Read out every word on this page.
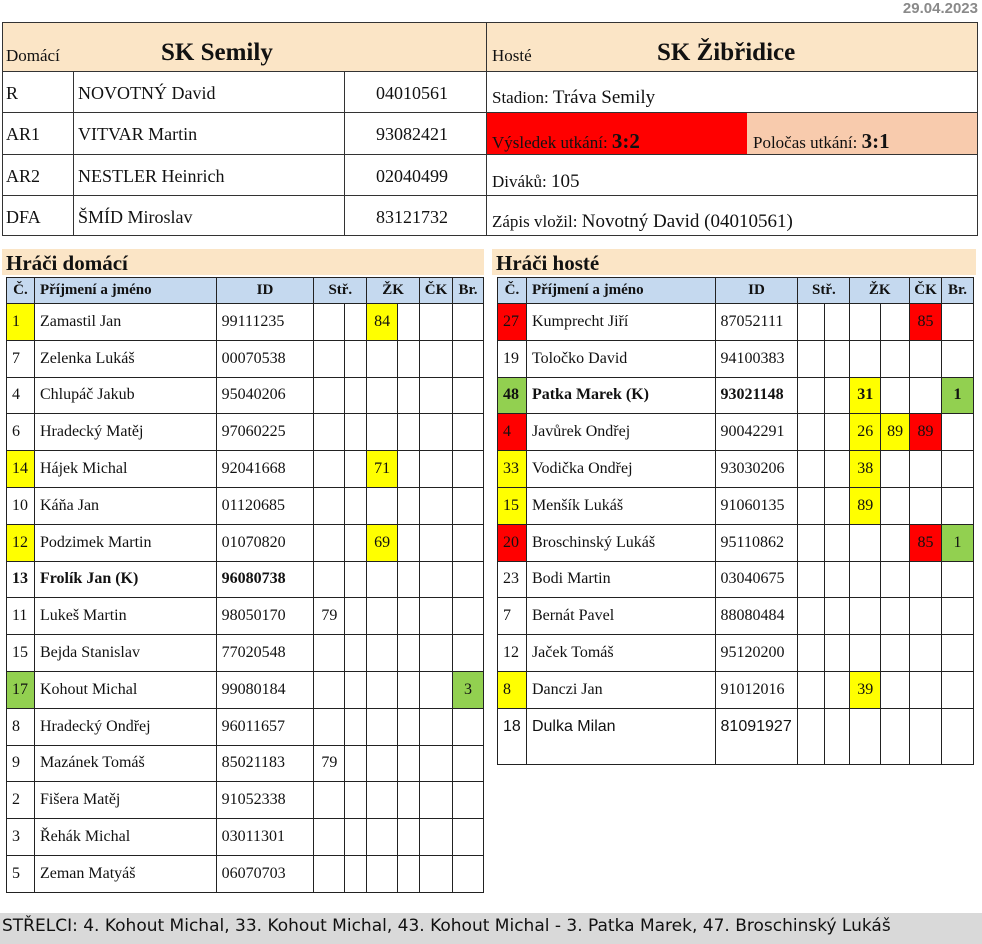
29.04.2023
Domácí	SK Semily	Hosté	SK Žibřidice
R	NOVOTNÝ David	04010561
AR1 VITVAR Martin	93082421
AR2 NESTLER Heinrich	02040499
DFA ŠMÍD Miroslav	83121732
Stadion: Tráva Semily
Výsledek utkání: 3:2	Poločas utkání: 3:1
Diváků: 105
Zápis vložil: Novotný David (04010561)
Hráči domácí	Hráči hosté
Č.	Příjmení a jméno	ID	Stř.		ŽK		ČK	Br.
1	Zamastil Jan	99111235			84			
7	Zelenka Lukáš	00070538						
4	Chlupáč Jakub	95040206						
6	Hradecký Matěj	97060225						
14	Hájek Michal	92041668			71			
10	Káňa Jan	01120685						
12	Podzimek Martin	01070820			69			
13	Frolík Jan (K)	96080738						
11	Lukeš Martin	98050170	79					
15	Bejda Stanislav	77020548						
17	Kohout Michal	99080184						3
8	Hradecký Ondřej	96011657						
9	Mazánek Tomáš	85021183	79					
2	Fišera Matěj	91052338						
3	Řehák Michal	03011301						
5	Zeman Matyáš	06070703						
Č.	Příjmení a jméno	ID	Stř.		ŽK		ČK	Br.
27	Kumprecht Jiří	87052111					85	
19	Toločko David	94100383						
48	Patka Marek (K)	93021148			31			1
4	Javůrek Ondřej	90042291			26	89	89	
33	Vodička Ondřej	93030206			38			
15	Menšík Lukáš	91060135			89			
20	Broschinský Lukáš	95110862					85	1
23	Bodi Martin	03040675						
7	Bernát Pavel	88080484						
12	Jaček Tomáš	95120200						
8	Danczi Jan	91012016			39			
18	Dulka Milan	81091927						
STŘELCI: 4. Kohout Michal, 33. Kohout Michal, 43. Kohout Michal - 3. Patka Marek, 47. Broschinský Lukáš
